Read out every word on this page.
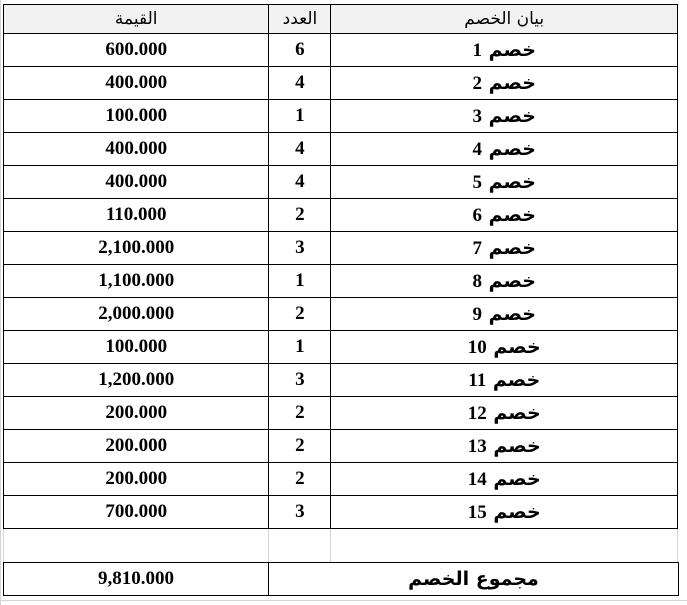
القيمة	العدد	بيان الخصم
600.000	6	خصم 1
400.000	4	خصم 2
100.000	1	خصم 3
400.000	4	خصم 4
400.000	4	خصم 5
110.000	2	خصم 6
2,100.000	3	خصم 7
1,100.000	1	خصم 8
2,000.000	2	خصم 9
100.000	1	خصم 10
1,200.000	3	خصم 11
200.000	2	خصم 12
200.000	2	خصم 13
200.000	2	خصم 14
700.000	3	خصم 15
9,810.000	مجموع الخصم
